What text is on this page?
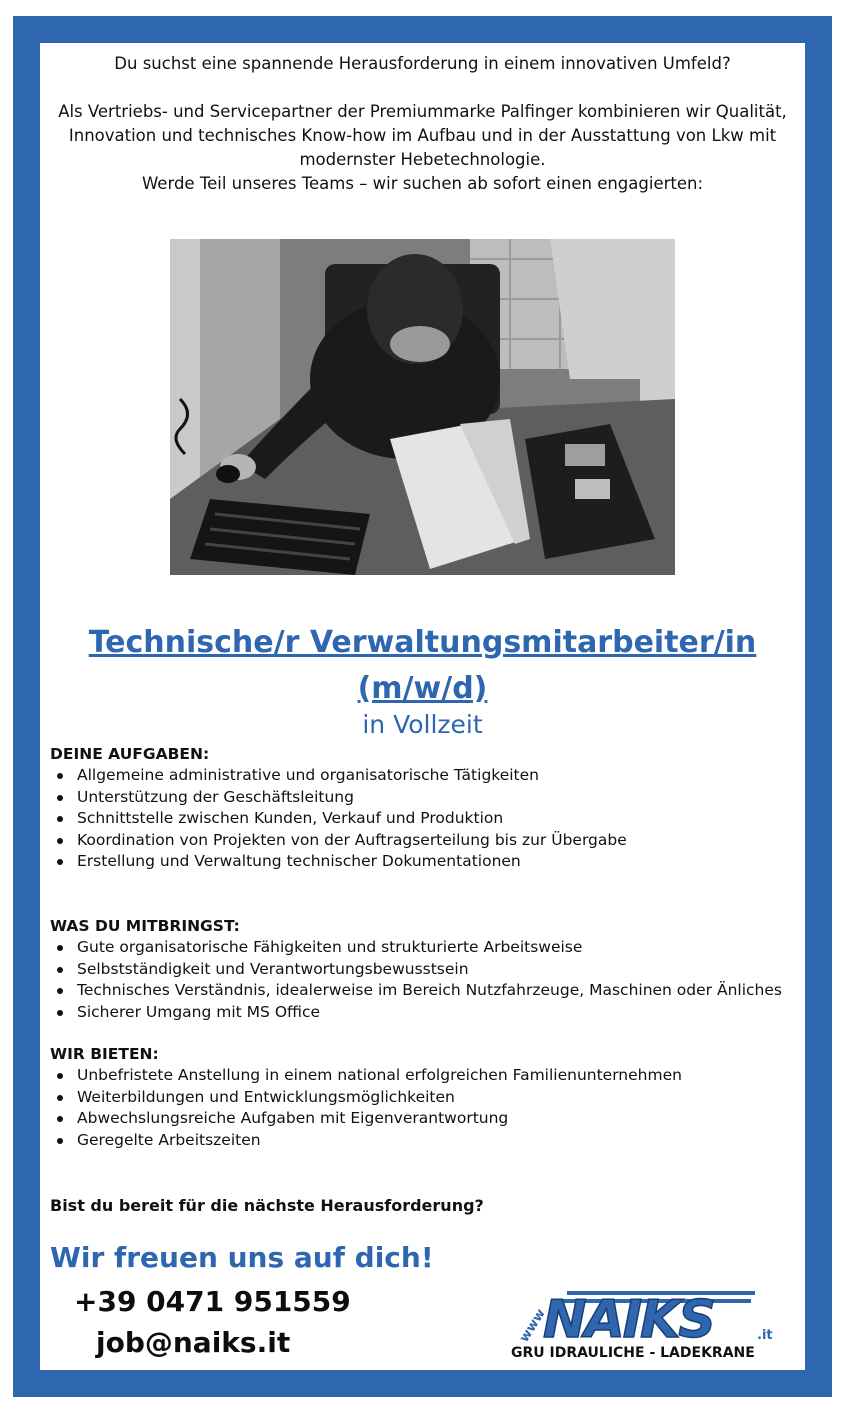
Du suchst eine spannende Herausforderung in einem innovativen Umfeld?

Als Vertriebs- und Servicepartner der Premiummarke Palfinger kombinieren wir Qualität,

Innovation und technisches Know-how im Aufbau und in der Ausstattung von Lkw mit

modernster Hebetechnologie.

Werde Teil unseres Teams – wir suchen ab sofort einen engagierten:

Technische/r Verwaltungsmitarbeiter/in
(m/w/d)
in Vollzeit
DEINE AUFGABEN:
Allgemeine administrative und organisatorische Tätigkeiten
Unterstützung der Geschäftsleitung
Schnittstelle zwischen Kunden, Verkauf und Produktion
Koordination von Projekten von der Auftragserteilung bis zur Übergabe
Erstellung und Verwaltung technischer Dokumentationen
WAS DU MITBRINGST:
Gute organisatorische Fähigkeiten und strukturierte Arbeitsweise
Selbstständigkeit und Verantwortungsbewusstsein
Technisches Verständnis, idealerweise im Bereich Nutzfahrzeuge, Maschinen oder Änliches
Sicherer Umgang mit MS Office
WIR BIETEN:
Unbefristete Anstellung in einem national erfolgreichen Familienunternehmen
Weiterbildungen und Entwicklungsmöglichkeiten
Abwechslungsreiche Aufgaben mit Eigenverantwortung
Geregelte Arbeitszeiten
Bist du bereit für die nächste Herausforderung?
Wir freuen uns auf dich!
+39 0471 951559
job@naiks.it	www
NAIKS	.it
GRU IDRAULICHE - LADEKRANE
